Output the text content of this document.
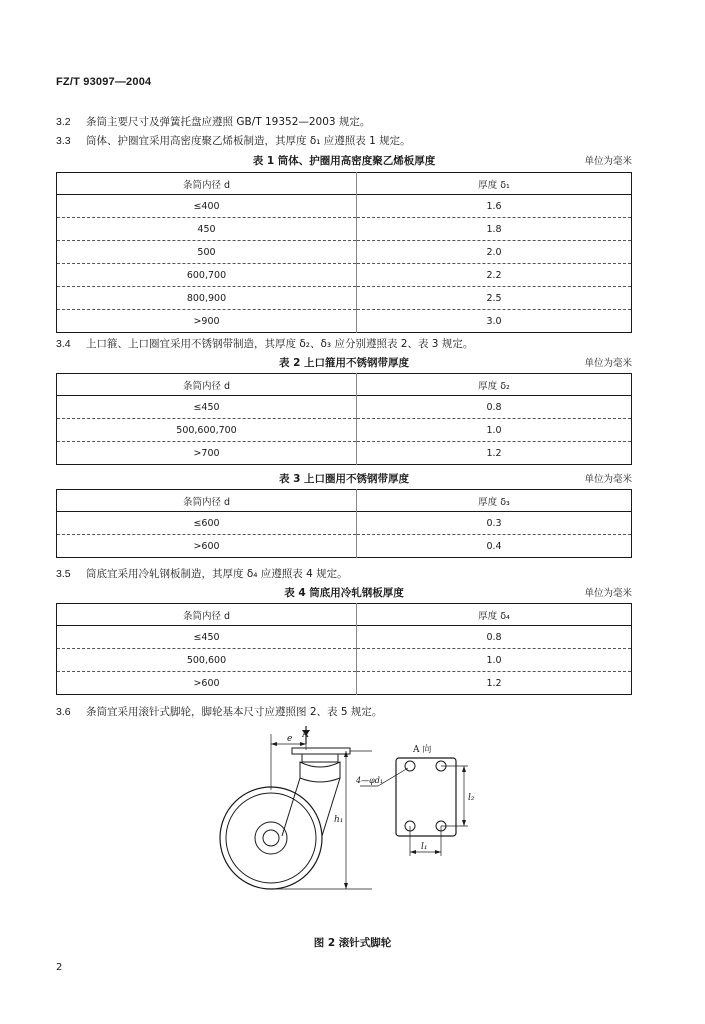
FZ/T 93097—2004
3.2 条筒主要尺寸及弹簧托盘应遵照 GB/T 19352—2003 规定。
3.3 筒体、护圈宜采用高密度聚乙烯板制造，其厚度 δ₁ 应遵照表 1 规定。
表 1 筒体、护圈用高密度聚乙烯板厚度	单位为毫米
条筒内径 d	厚度 δ₁
≤400	1.6
450	1.8
500	2.0
600,700	2.2
800,900	2.5
>900	3.0
3.4 上口箍、上口圈宜采用不锈钢带制造，其厚度 δ₂、δ₃ 应分别遵照表 2、表 3 规定。
表 2 上口箍用不锈钢带厚度	单位为毫米
条筒内径 d	厚度 δ₂
≤450	0.8
500,600,700	1.0
>700	1.2
表 3 上口圈用不锈钢带厚度	单位为毫米
条筒内径 d	厚度 δ₃
≤600	0.3
>600	0.4
3.5 筒底宜采用冷轧钢板制造，其厚度 δ₄ 应遵照表 4 规定。
表 4 筒底用冷轧钢板厚度	单位为毫米
条筒内径 d	厚度 δ₄
≤450	0.8
500,600	1.0
>600	1.2
3.6 条筒宜采用滚针式脚轮，脚轮基本尺寸应遵照图 2、表 5 规定。
A
e
h₁
A 向
4—φd₁
l₂
l₁
图 2 滚针式脚轮
2
